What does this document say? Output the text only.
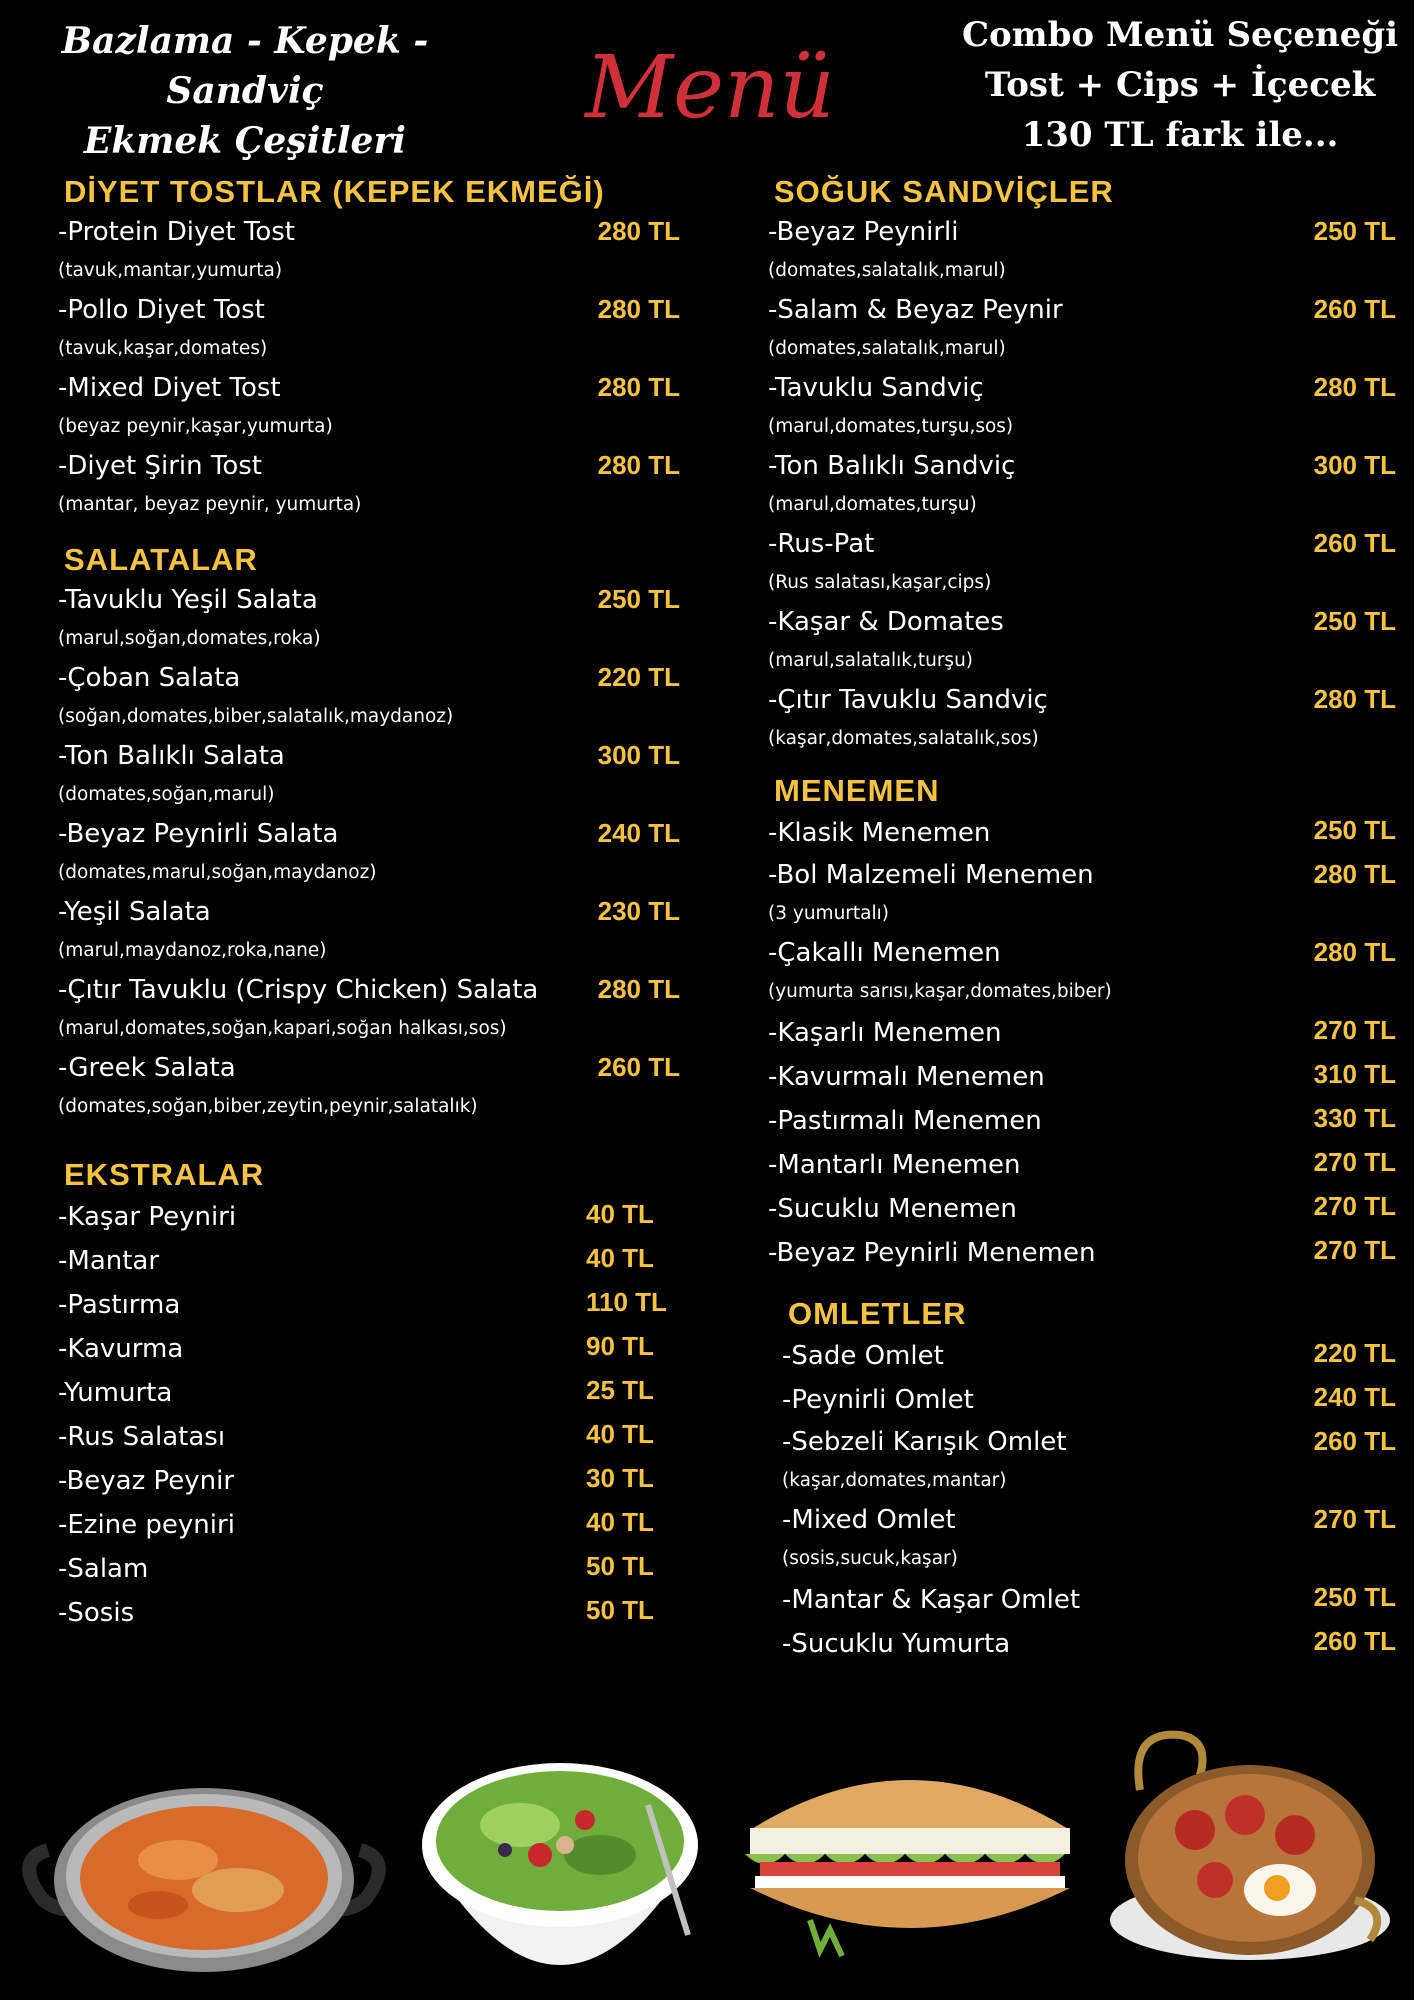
Bazlama - Kepek - Sandviç
Ekmek Çeşitleri
Menü
Combo Menü Seçeneği
Tost + Cips + İçecek
130 TL fark ile...
DİYET TOSTLAR (KEPEK EKMEĞİ)
-Protein Diyet Tost
(tavuk,mantar,yumurta)
280 TL
-Pollo Diyet Tost
(tavuk,kaşar,domates)
280 TL
-Mixed Diyet Tost
(beyaz peynir,kaşar,yumurta)
280 TL
-Diyet Şirin Tost
(mantar, beyaz peynir, yumurta)
280 TL
SALATALAR
-Tavuklu Yeşil Salata
(marul,soğan,domates,roka)
250 TL
-Çoban Salata
(soğan,domates,biber,salatalık,maydanoz)
220 TL
-Ton Balıklı Salata
(domates,soğan,marul)
300 TL
-Beyaz Peynirli Salata
(domates,marul,soğan,maydanoz)
240 TL
-Yeşil Salata
(marul,maydanoz,roka,nane)
230 TL
-Çıtır Tavuklu (Crispy Chicken) Salata
(marul,domates,soğan,kapari,soğan halkası,sos)
280 TL
-Greek Salata
(domates,soğan,biber,zeytin,peynir,salatalık)
260 TL
EKSTRALAR
-Kaşar Peyniri	40 TL
-Mantar	40 TL
-Pastırma	110 TL
-Kavurma	90 TL
-Yumurta	25 TL
-Rus Salatası	40 TL
-Beyaz Peynir	30 TL
-Ezine peyniri	40 TL
-Salam	50 TL
-Sosis	50 TL
SOĞUK SANDVİÇLER
-Beyaz Peynirli
(domates,salatalık,marul)
250 TL
-Salam & Beyaz Peynir
(domates,salatalık,marul)
260 TL
-Tavuklu Sandviç
(marul,domates,turşu,sos)
280 TL
-Ton Balıklı Sandviç
(marul,domates,turşu)
300 TL
-Rus-Pat
(Rus salatası,kaşar,cips)
260 TL
-Kaşar & Domates
(marul,salatalık,turşu)
250 TL
-Çıtır Tavuklu Sandviç
(kaşar,domates,salatalık,sos)
280 TL
MENEMEN
-Klasik Menemen	250 TL
-Bol Malzemeli Menemen
(3 yumurtalı)
280 TL
-Çakallı Menemen
(yumurta sarısı,kaşar,domates,biber)
280 TL
-Kaşarlı Menemen	270 TL
-Kavurmalı Menemen	310 TL
-Pastırmalı Menemen	330 TL
-Mantarlı Menemen	270 TL
-Sucuklu Menemen	270 TL
-Beyaz Peynirli Menemen	270 TL
OMLETLER
-Sade Omlet	220 TL
-Peynirli Omlet	240 TL
-Sebzeli Karışık Omlet
(kaşar,domates,mantar)
260 TL
-Mixed Omlet
(sosis,sucuk,kaşar)
270 TL
-Mantar & Kaşar Omlet	250 TL
-Sucuklu Yumurta	260 TL
